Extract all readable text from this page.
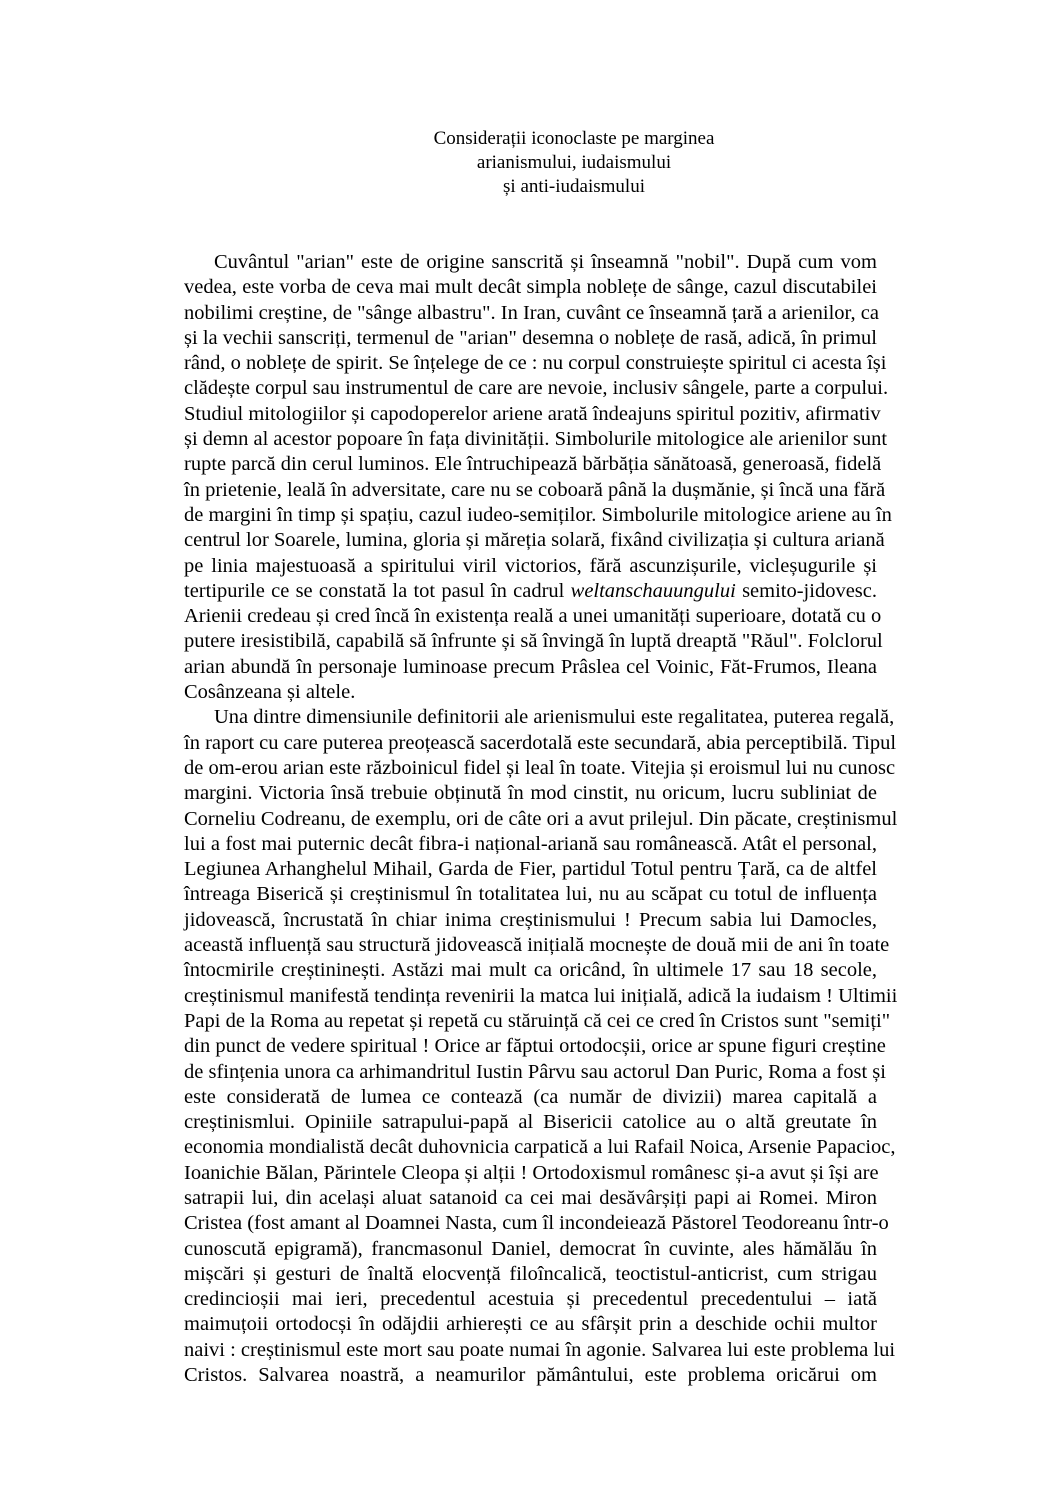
Considerații iconoclaste pe marginea
arianismului, iudaismului
și anti-iudaismului
Cuvântul "arian" este de origine sanscrită și înseamnă "nobil". După cum vom
vedea, este vorba de ceva mai mult decât simpla noblețe de sânge, cazul discutabilei
nobilimi creștine, de "sânge albastru". In Iran, cuvânt ce înseamnă țară a arienilor, ca
și la vechii sanscriți, termenul de "arian" desemna o noblețe de rasă, adică, în primul
rând, o noblețe de spirit. Se înțelege de ce : nu corpul construiește spiritul ci acesta își
clădește corpul sau instrumentul de care are nevoie, inclusiv sângele, parte a corpului.
Studiul mitologiilor și capodoperelor ariene arată îndeajuns spiritul pozitiv, afirmativ
și demn al acestor popoare în fața divinității. Simbolurile mitologice ale arienilor sunt
rupte parcă din cerul luminos. Ele întruchipează bărbăția sănătoasă, generoasă, fidelă
în prietenie, leală în adversitate, care nu se coboară până la dușmănie, și încă una fără
de margini în timp și spațiu, cazul iudeo-semiților. Simbolurile mitologice ariene au în
centrul lor Soarele, lumina, gloria și măreția solară, fixând civilizația și cultura ariană
pe linia majestuoasă a spiritului viril victorios, fără ascunzișurile, vicleșugurile și
tertipurile ce se constată la tot pasul în cadrul weltanschauungului semito-jidovesc.
Arienii credeau și cred încă în existența reală a unei umanități superioare, dotată cu o
putere iresistibilă, capabilă să înfrunte și să învingă în luptă dreaptă "Răul". Folclorul
arian abundă în personaje luminoase precum Prâslea cel Voinic, Făt-Frumos, Ileana
Cosânzeana și altele.
Una dintre dimensiunile definitorii ale arienismului este regalitatea, puterea regală,
în raport cu care puterea preoțească sacerdotală este secundară, abia perceptibilă. Tipul
de om-erou arian este războinicul fidel și leal în toate. Vitejia și eroismul lui nu cunosc
margini. Victoria însă trebuie obținută în mod cinstit, nu oricum, lucru subliniat de
Corneliu Codreanu, de exemplu, ori de câte ori a avut prilejul. Din păcate, creștinismul
lui a fost mai puternic decât fibra-i național-ariană sau românească. Atât el personal,
Legiunea Arhanghelul Mihail, Garda de Fier, partidul Totul pentru Țară, ca de altfel
întreaga Biserică și creștinismul în totalitatea lui, nu au scăpat cu totul de influența
jidovească, încrustată în chiar inima creștinismului ! Precum sabia lui Damocles,
această influență sau structură jidovească inițială mocnește de două mii de ani în toate
întocmirile creștininești. Astăzi mai mult ca oricând, în ultimele 17 sau 18 secole,
creștinismul manifestă tendința revenirii la matca lui inițială, adică la iudaism ! Ultimii
Papi de la Roma au repetat și repetă cu stăruință că cei ce cred în Cristos sunt "semiți"
din punct de vedere spiritual ! Orice ar făptui ortodocșii, orice ar spune figuri creștine
de sfințenia unora ca arhimandritul Iustin Pârvu sau actorul Dan Puric, Roma a fost și
este considerată de lumea ce contează (ca număr de divizii) marea capitală a
creștinismlui. Opiniile satrapului-papă al Bisericii catolice au o altă greutate în
economia mondialistă decât duhovnicia carpatică a lui Rafail Noica, Arsenie Papacioc,
Ioanichie Bălan, Părintele Cleopa și alții ! Ortodoxismul românesc și-a avut și își are
satrapii lui, din același aluat satanoid ca cei mai desăvârșiți papi ai Romei. Miron
Cristea (fost amant al Doamnei Nasta, cum îl incondeiează Păstorel Teodoreanu într-o
cunoscută epigramă), francmasonul Daniel, democrat în cuvinte, ales hămălău în
mișcări și gesturi de înaltă elocvență filoîncalică, teoctistul-anticrist, cum strigau
credincioșii mai ieri, precedentul acestuia și precedentul precedentului – iată
maimuțoii ortodocși în odăjdii arhierești ce au sfârșit prin a deschide ochii multor
naivi : creștinismul este mort sau poate numai în agonie. Salvarea lui este problema lui
Cristos. Salvarea noastră, a neamurilor pământului, este problema oricărui om
